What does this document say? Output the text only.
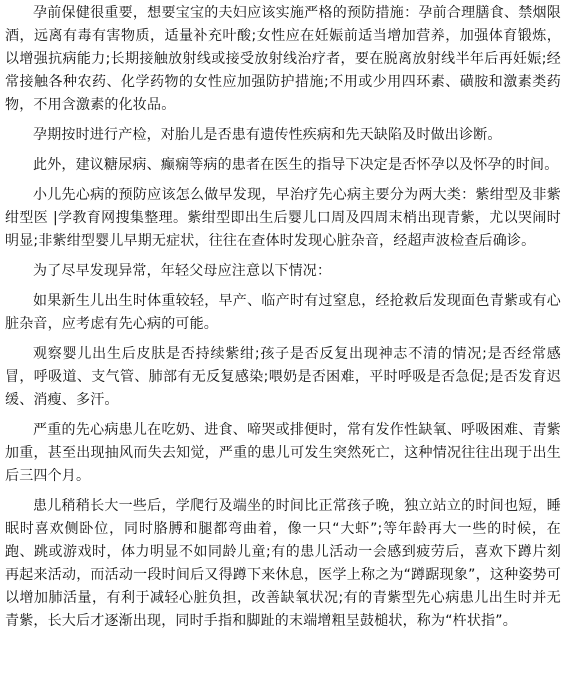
孕前保健很重要，想要宝宝的夫妇应该实施严格的预防措施：孕前合理膳食、禁烟限酒，远离有毒有害物质，适量补充叶酸;女性应在妊娠前适当增加营养，加强体育锻炼，以增强抗病能力;长期接触放射线或接受放射线治疗者，要在脱离放射线半年后再妊娠;经常接触各种农药、化学药物的女性应加强防护措施;不用或少用四环素、磺胺和激素类药物，不用含激素的化妆品。

孕期按时进行产检，对胎儿是否患有遗传性疾病和先天缺陷及时做出诊断。

此外，建议糖尿病、癫痫等病的患者在医生的指导下决定是否怀孕以及怀孕的时间。

小儿先心病的预防应该怎么做早发现，早治疗先心病主要分为两大类：紫绀型及非紫绀型医 |学教育网搜集整理。紫绀型即出生后婴儿口周及四周末梢出现青紫，尤以哭闹时明显;非紫绀型婴儿早期无症状，往往在查体时发现心脏杂音，经超声波检查后确诊。

为了尽早发现异常，年轻父母应注意以下情况：

如果新生儿出生时体重较轻，早产、临产时有过窒息，经抢救后发现面色青紫或有心脏杂音，应考虑有先心病的可能。

观察婴儿出生后皮肤是否持续紫绀;孩子是否反复出现神志不清的情况;是否经常感冒，呼吸道、支气管、肺部有无反复感染;喂奶是否困难，平时呼吸是否急促;是否发育迟缓、消瘦、多汗。

严重的先心病患儿在吃奶、进食、啼哭或排便时，常有发作性缺氧、呼吸困难、青紫加重，甚至出现抽风而失去知觉，严重的患儿可发生突然死亡，这种情况往往出现于出生后三四个月。

患儿稍稍长大一些后，学爬行及端坐的时间比正常孩子晚，独立站立的时间也短，睡眠时喜欢侧卧位，同时胳膊和腿都弯曲着，像一只“大虾”;等年龄再大一些的时候，在跑、跳或游戏时，体力明显不如同龄儿童;有的患儿活动一会感到疲劳后，喜欢下蹲片刻再起来活动，而活动一段时间后又得蹲下来休息，医学上称之为“蹲踞现象”，这种姿势可以增加肺活量，有利于减轻心脏负担，改善缺氧状况;有的青紫型先心病患儿出生时并无青紫，长大后才逐渐出现，同时手指和脚趾的末端增粗呈鼓槌状，称为“杵状指”。
